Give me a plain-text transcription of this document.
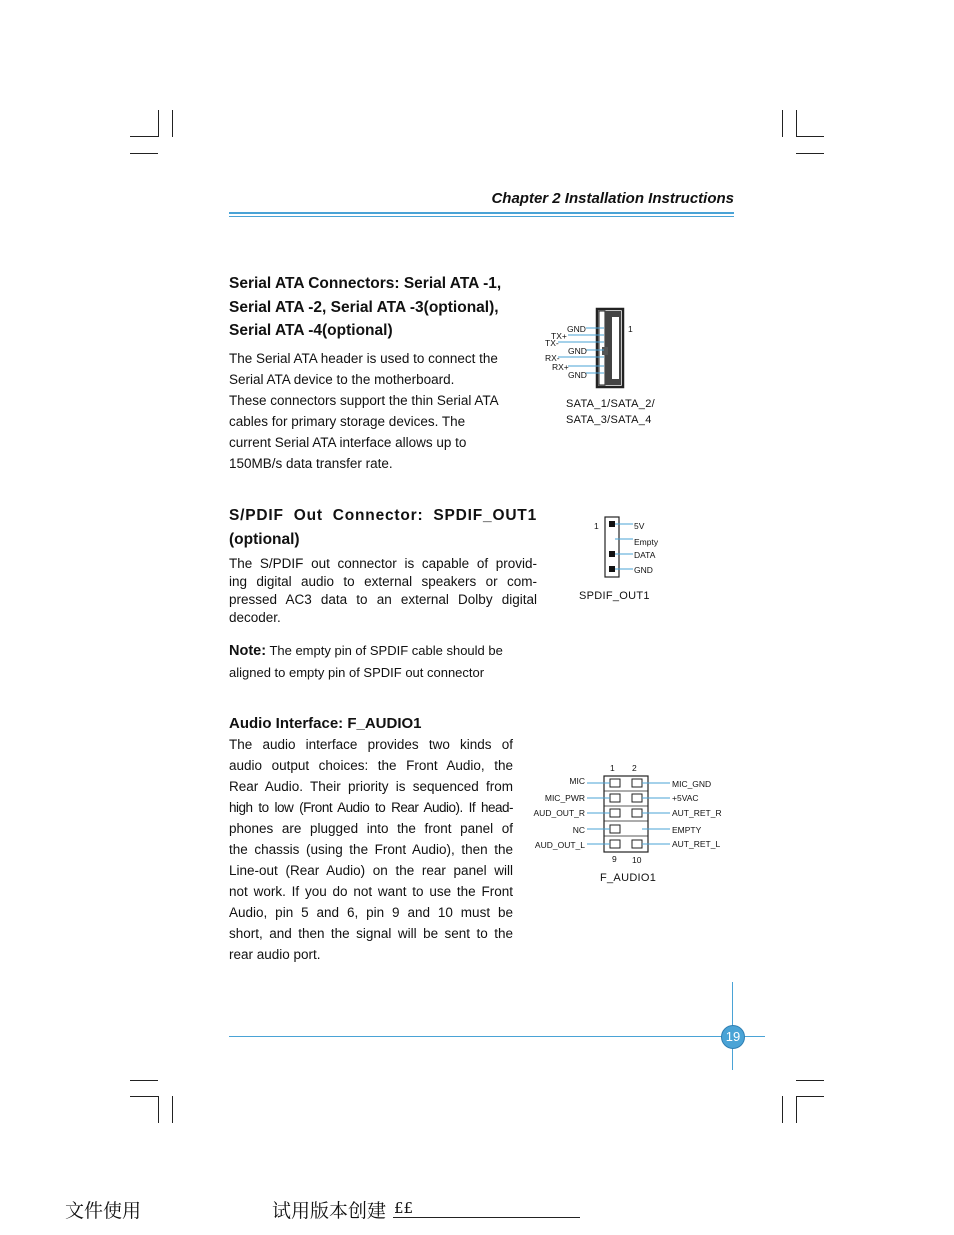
Chapter 2 Installation Instructions
Serial ATA Connectors: Serial ATA -1,
Serial ATA -2, Serial ATA -3(optional),
Serial ATA -4(optional)
The Serial ATA header is used to connect the
Serial ATA device to the motherboard.
These connectors support the thin Serial ATA
cables for primary storage devices. The
current Serial ATA interface allows up to
150MB/s data transfer rate.
GND
TX+
TX-
GND
RX-
RX+
GND
1
SATA_1/SATA_2/
SATA_3/SATA_4
S/PDIF Out Connector: SPDIF_OUT1
(optional)
The S/PDIF out connector is capable of provid-
ing digital audio to external speakers or com-
pressed AC3 data to an external Dolby digital
decoder.
Note: The empty pin of SPDIF cable should be
aligned to empty pin of SPDIF out connector
1	5V
Empty
DATA
GND
SPDIF_OUT1
Audio Interface: F_AUDIO1
The audio interface provides two kinds of
audio output choices: the Front Audio, the
Rear Audio. Their priority is sequenced from
high to low (Front Audio to Rear Audio). If head-
phones are plugged into the front panel of
the chassis (using the Front Audio), then the
Line-out (Rear Audio) on the rear panel will
not work. If you do not want to use the Front
Audio, pin 5 and 6, pin 9 and 10 must be
short, and then the signal will be sent to the
rear audio port.
1 2
9 10
MIC
MIC_PWR
AUD_OUT_R
NC
AUD_OUT_L
MIC_GND
+5VAC
AUT_RET_R
EMPTY
AUT_RET_L
F_AUDIO1
19
文件使用	试用版本创建 ££
